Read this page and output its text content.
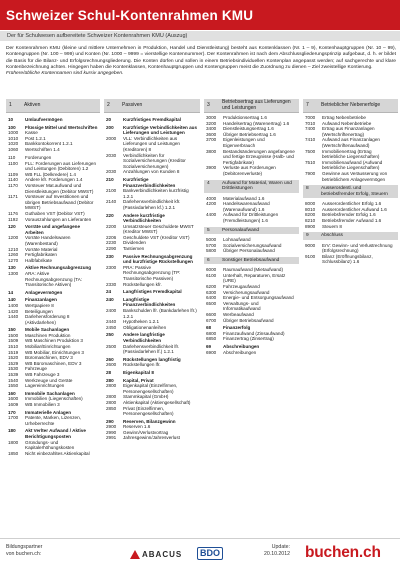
Schweizer Schul-Kontenrahmen KMU
Der für Schulwesen aufbereitete Schweizer Kontenrahmen KMU (Auszug)

Der Kontenrahmen KMU (kleine und mittlere Unternehmen in Produktion, Handel und Dienstleistung) besteht aus Kontenklassen (Nr. 1 – 9), Kontenhauptgruppen (Nr. 10 – 99), Kontengruppen (Nr. 100 – 999) und Konten (Nr. 1000 – 9999 = vierstellige Kontennummer). Der Kontenrahmen ist nach dem Abschlussgliederungsprinzip aufgebaut, d. h. er bildet die Basis für die Bilanz- und Erfolgsrechnungsgliederung. Die Konten dürfen und sollen in einem Betriebsindividuellen Kontenplan angepasst werden; auf sachgerechte und klare Kontenbezeichnung achten. Hingegen haben die Kontenklassen, Kontenhauptgruppen und Kontengruppen meist die Zuordnung zu dienen – Ziel zweistellige Kontierung.

Frühere/übliche Kontennamen sind kursiv angegeben.

1	Aktiven
10	Umlaufvermögen
100	Flüssige Mittel und Wertschriften
1000	Kasse
1010	Post 1.2.1
1020	Bankkontokorrent 1.2.1
1060	Wertschriften 1.4
110	Forderungen
1100	FLL: Forderungen aus Lieferungen und Leistungen (Debitoren) 1.2
1109	WB FLL (Delkredere) 1.4
1140	Andere kfr. Forderungen 1.4
1170	Vorsteuer Mat.aufwand und Dienstleistungen (Debitor MWST)
1171	Vorsteuer auf Investitionen und übrigen Betriebsaufwand (Debitor MWST)
1176	Guthaben VST (Debitor VST)
1192	Vorauszahlungen an Lieferanten
120	Vorräte und angefangene Arbeiten
1200	Vorräte Handelswaren (Warenbestand)
1210	Vorräte Material
1260	Fertigfabrikaten
1270	Halbfabrikate
130	Aktive Rechnungsabgrenzung
1300	ARA: Aktive Rechnungsabgrenzung (TA: Transitorische Aktiven)
14	Anlagevermögen
140	Finanzanlagen
1400	Wertpapiere 8
1420	Beteiligungen
1440	Darlehensforderung 8 (Aktivdarlehen)
150	Mobile Sachanlagen
1500	Maschinen Produktion
1509	WB Maschinen Produktion 3
1510	Mobiliar/Einrichtungen
1519	WB Mobiliar, Einrichtungen 3
1520	Büromaschinen, EDV 3
1529	WB Büromaschinen, EDV 3
1530	Fahrzeuge
1539	WB Fahrzeuge 3
1540	Werkzeuge und Geräte
1550	Lagereinrichtungen
160	Immobile Sachanlagen
1600	Immobilien (Liegenschaften)
1609	WB Immobilien 3
170	Immaterielle Anlagen
1700	Patente, Marken, Lizenzen, Urheberrechte
180	Akt Verlter Aufwand / Aktive Berichtigungsposten
1800	Gründungs- und Kapitalerhöhungskosten
1850	Nicht einbezahltes Aktienkapital
2	Passiven
20	Kurzfristiges Fremdkapital
200	Kurzfristige Verbindlichkeiten aus Lieferungen und Leistungen
2000	VLL: Verbindlichkeiten aus Lieferungen und Leistungen (Kreditoren) 8
2030	Verbindlichkeiten für Sozialversicherungen (Kreditor Sozialversicherungen)
2030	Anzahlungen von Kunden 8
210	Kurzfristige Finanzverbindlichkeiten
2100	Bankverbindlichkeiten kurzfristig 1.2.1
2140	Darlehensverbindlichkeit kfr. (Passivdarlehen kf.) 1.2.1
220	Andere kurzfristige Verbindlichkeiten
2200	Umsatzsteuer Geschuldete MWST (Kreditor MWST)
2206	Geschuldete VST (Kreditor VST)
2230	Dividenden
2290	Tantiemen
230	Passive Rechnungsabgrenzung und kurzfristige Rückstellungen
2300	PRA: Passive Rechnungsabgrenzung (TP: Transitorische Passiven)
2330	Rückstellungen kfr.
24	Langfristiges Fremdkapital
240	Langfristige Finanzverbindlichkeiten
2400	Bankschulden lfr. (Bankdarlehen lfr.) 1.2.1
2440	Hypotheken 1.2.1
2450	Obligationenanleihen
250	Andere langfristige Verbindlichkeiten
2500	Darlehensverbindlichkeit lfr. (Passivdarlehen lf.) 1.2.1
260	Rückstellungen langfristig
2600	Rückstellungen lfr.
28	Eigenkapital 8
280	Kapital, Privat
2800	Eigenkapital (Einzelfirmen, Personengesellschaften)
2800	Stammkapital (GmbH)
2800	Aktienkapital (Aktiengesellschaft)
2850	Privat (Einzelfirmen, Personengesellschaften)
290	Reserven, Bilanzgewinn
2900	Reserven 1.6
2990	Gewinn/Verlustvortrag
2991	Jahresgewinn/Jahresverlust
3	Betriebsertrag aus Lieferungen und Leistungen
3000	Produktionsertrag 1.6
3200	Handelsertrag (Warenertrag) 1.6
3400	Dienstleistungsertrag 1.6
3600	Übriger Betriebsertrag 1.6
3700	Eigenleistungen und Eigenverbrauch
3800	Bestandsänderungen angefangene und fertige Erzeugnisse (Halb- und Fertigfabrikate)
3900	Verluste aus Forderungen (Debitorenverluste)
4	Aufwand für Material, Waren und Drittleistungen
4000	Materialaufwand 1.6
4200	Handelswarenaufwand (Warenaufwand) 1.6
4400	Aufwand für Drittleistungen (Fremdleistungen) 1.6
5	Personalaufwand
5000	Lohnaufwand
5700	Sozialversicherungsaufwand
5800	Übriger Personalaufwand
6	Sonstiger Betriebsaufwand
6000	Raumaufwand (Mietaufwand)
6100	Unterhalt, Reparaturen, Ersatz (URE)
6200	Fahrzeugaufwand
6300	Versicherungsaufwand
6400	Energie- und Entsorgungsaufwand
6500	Verwaltungs- und Informatikaufwand
6600	Werbeaufwand
6700	Übriger Betriebsaufwand
68	Finanzerfolg
6800	Finanzaufwand (Zinsaufwand)
6850	Finanzertrag (Zinsertrag)
69	Abschreibungen
6900	Abschreibungen
7	Betrieblicher Nebenerfolge
7000	Ertrag Nebenbetriebe
7010	Aufwand Nebenbetriebe
7400	Ertrag aus Finanzanlagen (Wertschriftenertrag)
7410	Aufwand aus Finanzanlagen (Wertschriftenaufwand)
7500	Immobilienertrag (Ertrag betriebliche Liegenschaften)
7510	Immobilienaufwand (Aufwand betriebliche Liegenschaften)
7900	Gewinne aus Veräusserung von betrieblichem Anlagevermögen
8	Ausserordentl. und betriebsfremder Erfolg, Steuern
8000	Ausserordentlicher Erfolg 1.6
8010	Ausserordentlicher Aufwand 1.6
8200	Betriebsfremder Erfolg 1.6
8210	Betriebsfremder Aufwand 1.6
8900	Steuern 8
9	Abschluss
9000	ErV: Gewinn- und Verlustrechnung (Erfolgsrechnung)
9100	Bilanz (Eröffnungsbilanz, Schlussbilanz) 1.6
Bildungspartner
von buchen.ch:	ABACUS	BDO
Update:
20.10.2012 buchen.ch
